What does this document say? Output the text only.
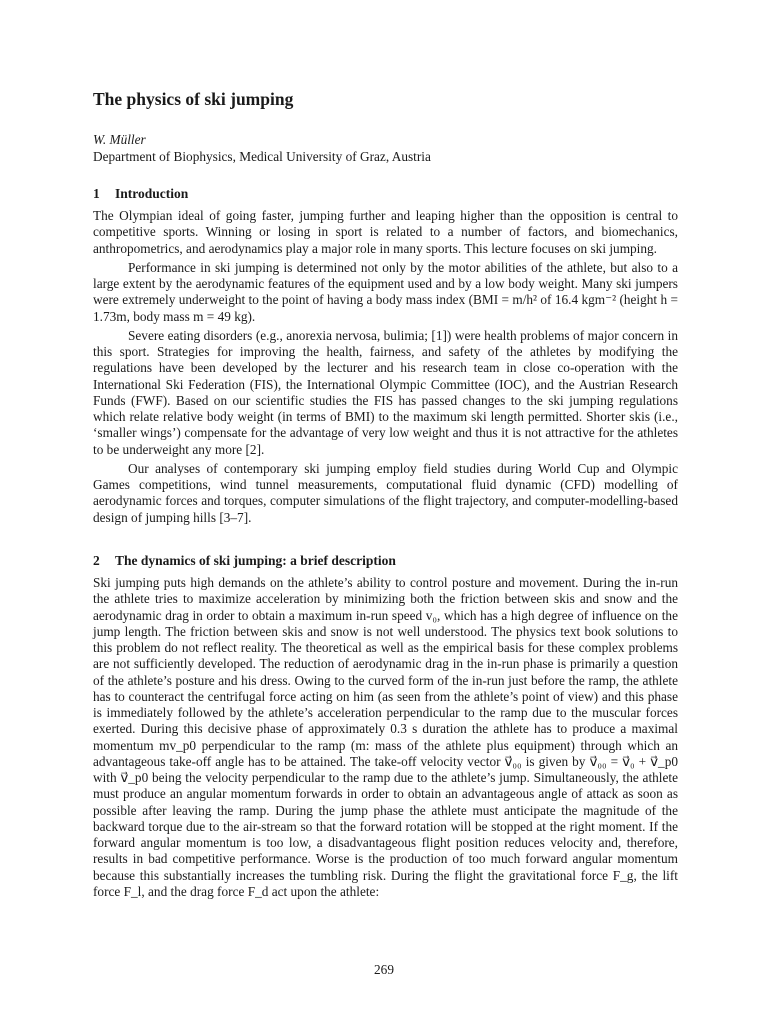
The physics of ski jumping

W. Müller

Department of Biophysics, Medical University of Graz, Austria

1 Introduction

The Olympian ideal of going faster, jumping further and leaping higher than the opposition is central to competitive sports. Winning or losing in sport is related to a number of factors, and biomechanics, anthropometrics, and aerodynamics play a major role in many sports. This lecture focuses on ski jumping.

Performance in ski jumping is determined not only by the motor abilities of the athlete, but also to a large extent by the aerodynamic features of the equipment used and by a low body weight. Many ski jumpers were extremely underweight to the point of having a body mass index (BMI = m/h² of 16.4 kgm⁻² (height h = 1.73m, body mass m = 49 kg).

Severe eating disorders (e.g., anorexia nervosa, bulimia; [1]) were health problems of major concern in this sport. Strategies for improving the health, fairness, and safety of the athletes by modifying the regulations have been developed by the lecturer and his research team in close co-operation with the International Ski Federation (FIS), the International Olympic Committee (IOC), and the Austrian Research Funds (FWF). Based on our scientific studies the FIS has passed changes to the ski jumping regulations which relate relative body weight (in terms of BMI) to the maximum ski length permitted. Shorter skis (i.e., ‘smaller wings’) compensate for the advantage of very low weight and thus it is not attractive for the athletes to be underweight any more [2].

Our analyses of contemporary ski jumping employ field studies during World Cup and Olympic Games competitions, wind tunnel measurements, computational fluid dynamic (CFD) modelling of aerodynamic forces and torques, computer simulations of the flight trajectory, and computer-modelling-based design of jumping hills [3–7].

2 The dynamics of ski jumping: a brief description

Ski jumping puts high demands on the athlete’s ability to control posture and movement. During the in-run the athlete tries to maximize acceleration by minimizing both the friction between skis and snow and the aerodynamic drag in order to obtain a maximum in-run speed v₀, which has a high degree of influence on the jump length. The friction between skis and snow is not well understood. The physics text book solutions to this problem do not reflect reality. The theoretical as well as the empirical basis for these complex problems are not sufficiently developed. The reduction of aerodynamic drag in the in-run phase is primarily a question of the athlete’s posture and his dress. Owing to the curved form of the in-run just before the ramp, the athlete has to counteract the centrifugal force acting on him (as seen from the athlete’s point of view) and this phase is immediately followed by the athlete’s acceleration perpendicular to the ramp due to the muscular forces exerted. During this decisive phase of approximately 0.3 s duration the athlete has to produce a maximal momentum mv_p0 perpendicular to the ramp (m: mass of the athlete plus equipment) through which an advantageous take-off angle has to be attained. The take-off velocity vector v⃗₀₀ is given by v⃗₀₀ = v⃗₀ + v⃗_p0 with v⃗_p0 being the velocity perpendicular to the ramp due to the athlete’s jump. Simultaneously, the athlete must produce an angular momentum forwards in order to obtain an advantageous angle of attack as soon as possible after leaving the ramp. During the jump phase the athlete must anticipate the magnitude of the backward torque due to the air-stream so that the forward rotation will be stopped at the right moment. If the forward angular momentum is too low, a disadvantageous flight position reduces velocity and, therefore, results in bad competitive performance. Worse is the production of too much forward angular momentum because this substantially increases the tumbling risk. During the flight the gravitational force F_g, the lift force F_l, and the drag force F_d act upon the athlete:

269
